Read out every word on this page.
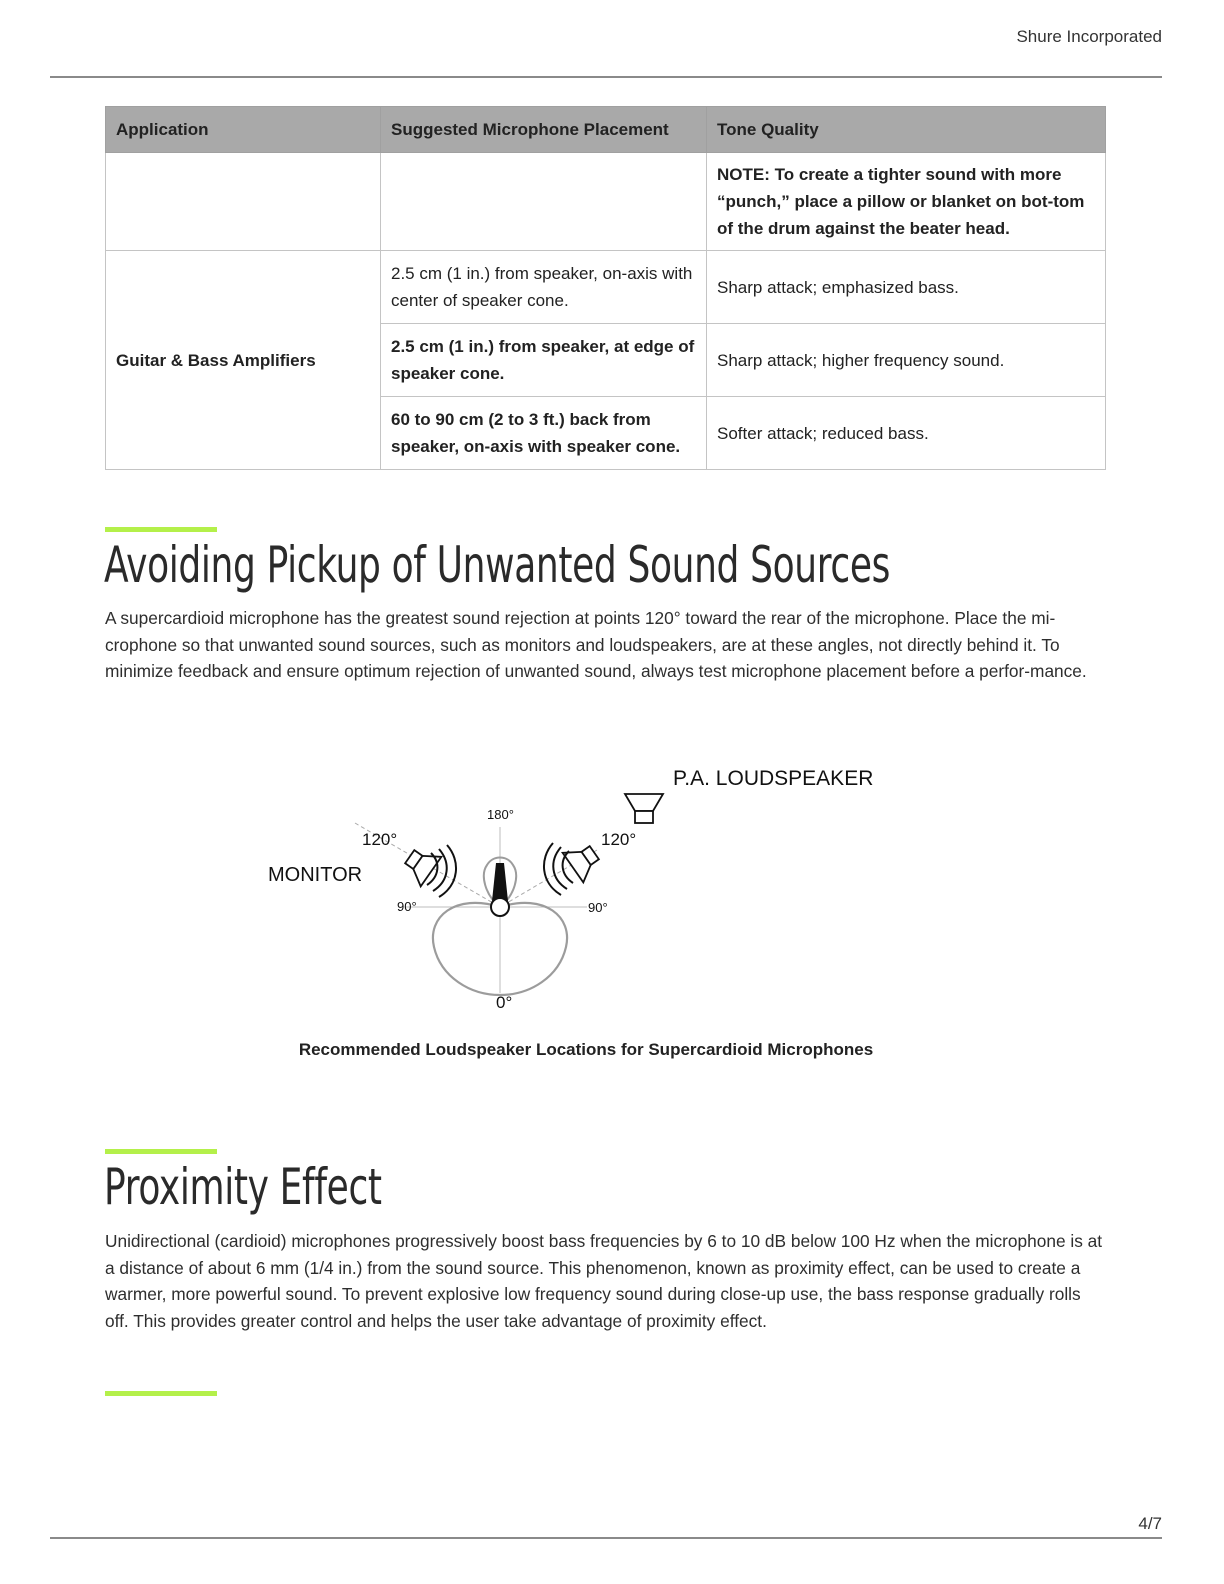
Shure Incorporated
Application	Suggested Microphone Placement	Tone Quality
		NOTE: To create a tighter sound with more “punch,” place a pillow or blanket on bot-tom of the drum against the beater head.
Guitar & Bass Amplifiers	2.5 cm (1 in.) from speaker, on-axis with center of speaker cone.	Sharp attack; emphasized bass.
	2.5 cm (1 in.) from speaker, at edge of speaker cone.	Sharp attack; higher frequency sound.
	60 to 90 cm (2 to 3 ft.) back from speaker, on-axis with speaker cone.	Softer attack; reduced bass.
Avoiding Pickup of Unwanted Sound Sources

A supercardioid microphone has the greatest sound rejection at points 120° toward the rear of the microphone. Place the mi-crophone so that unwanted sound sources, such as monitors and loudspeakers, are at these angles, not directly behind it. To minimize feedback and ensure optimum rejection of unwanted sound, always test microphone placement before a perfor-mance.

P.A. LOUDSPEAKER
MONITOR
180°
120°	120°
90°	90°
0°
Recommended Loudspeaker Locations for Supercardioid Microphones
Proximity Effect

Unidirectional (cardioid) microphones progressively boost bass frequencies by 6 to 10 dB below 100 Hz when the microphone is at a distance of about 6 mm (1/4 in.) from the sound source. This phenomenon, known as proximity effect, can be used to create a warmer, more powerful sound. To prevent explosive low frequency sound during close-up use, the bass response gradually rolls off. This provides greater control and helps the user take advantage of proximity effect.

4/7
